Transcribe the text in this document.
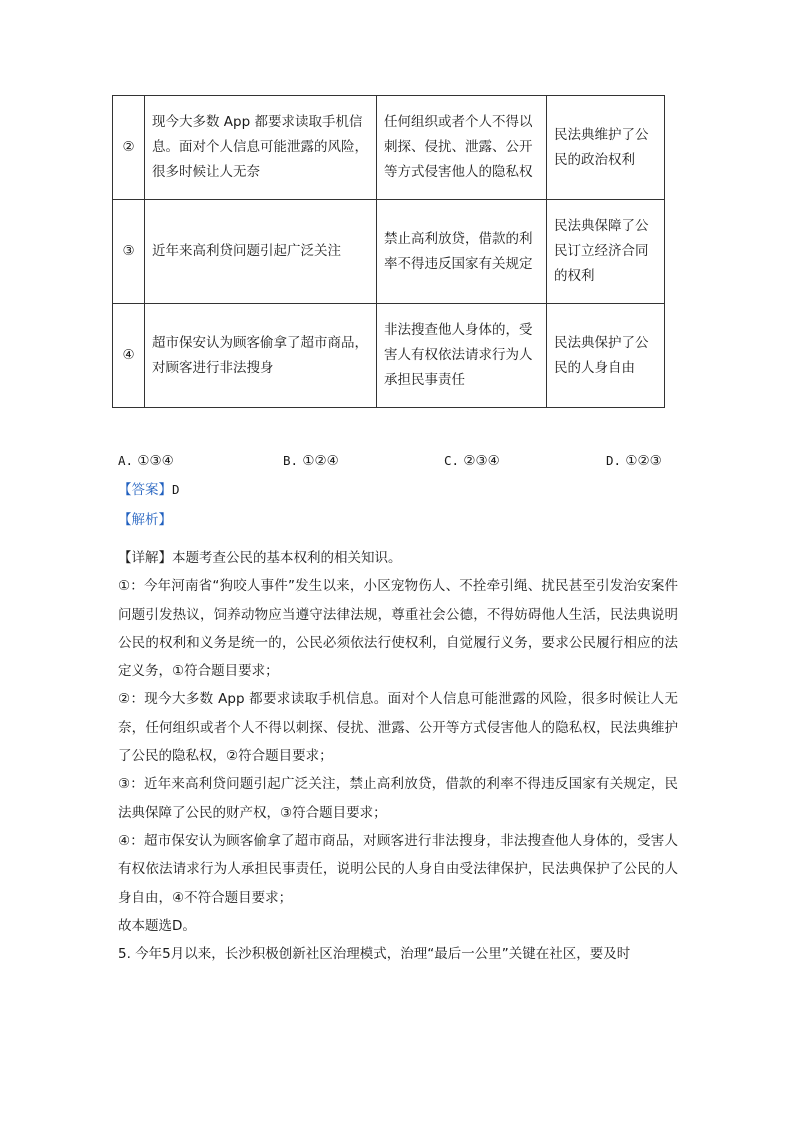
②	现今大多数 App 都要求读取手机信息。面对个人信息可能泄露的风险，很多时候让人无奈	任何组织或者个人不得以刺探、侵扰、泄露、公开等方式侵害他人的隐私权	民法典维护了公民的政治权利
③	近年来高利贷问题引起广泛关注	禁止高利放贷，借款的利率不得违反国家有关规定	民法典保障了公民订立经济合同的权利
④	超市保安认为顾客偷拿了超市商品，对顾客进行非法搜身	非法搜查他人身体的，受害人有权依法请求行为人承担民事责任	民法典保护了公民的人身自由
A. ①③④	B. ①②④	C. ②③④	D. ①②③
【答案】D
【解析】

【详解】本题考查公民的基本权利的相关知识。

①：今年河南省“狗咬人事件”发生以来，小区宠物伤人、不拴牵引绳、扰民甚至引发治安案件问题引发热议，饲养动物应当遵守法律法规，尊重社会公德，不得妨碍他人生活，民法典说明公民的权利和义务是统一的，公民必须依法行使权利，自觉履行义务，要求公民履行相应的法定义务，①符合题目要求；

②：现今大多数 App 都要求读取手机信息。面对个人信息可能泄露的风险，很多时候让人无奈，任何组织或者个人不得以刺探、侵扰、泄露、公开等方式侵害他人的隐私权，民法典维护了公民的隐私权，②符合题目要求；

③：近年来高利贷问题引起广泛关注，禁止高利放贷，借款的利率不得违反国家有关规定，民法典保障了公民的财产权，③符合题目要求；

④：超市保安认为顾客偷拿了超市商品，对顾客进行非法搜身，非法搜查他人身体的，受害人有权依法请求行为人承担民事责任，说明公民的人身自由受法律保护，民法典保护了公民的人身自由，④不符合题目要求；

故本题选D。

5. 今年5月以来，长沙积极创新社区治理模式，治理“最后一公里”关键在社区，要及时
